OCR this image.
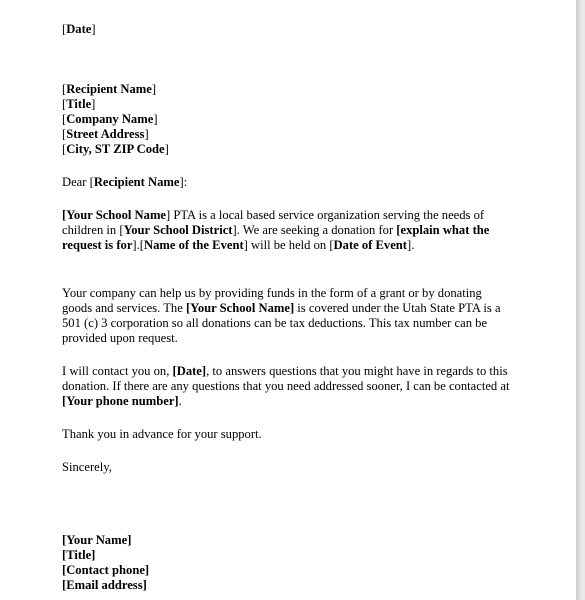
[Date]
[Recipient Name]
[Title]
[Company Name]
[Street Address]
[City, ST ZIP Code]
Dear [Recipient Name]:
[Your School Name] PTA is a local based service organization serving the needs of
children in [Your School District]. We are seeking a donation for [explain what the
request is for].[Name of the Event] will be held on [Date of Event].
Your company can help us by providing funds in the form of a grant or by donating
goods and services. The [Your School Name] is covered under the Utah State PTA is a
501 (c) 3 corporation so all donations can be tax deductions. This tax number can be
provided upon request.
I will contact you on, [Date], to answers questions that you might have in regards to this
donation. If there are any questions that you need addressed sooner, I can be contacted at
[Your phone number].
Thank you in advance for your support.
Sincerely,
[Your Name]
[Title]
[Contact phone]
[Email address]
